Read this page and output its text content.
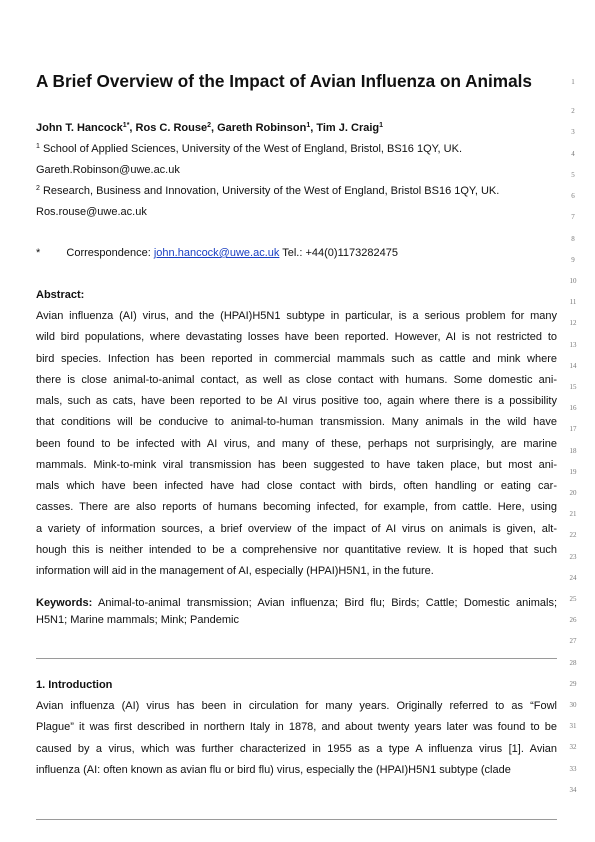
1
2
3
4
5
6
7
8
9
10
11
12
13
14
15
16
17
18
19
20
21
22
23
24
25
26
27
28
29
30
31
32
33
34
A Brief Overview of the Impact of Avian Influenza on Animals
John T. Hancock$^{1*}$, Ros C. Rouse$^2$, Gareth Robinson$^1$, Tim J. Craig$^1$
$^1$ School of Applied Sciences, University of the West of England, Bristol, BS16 1QY, UK.
Gareth.Robinson@uwe.ac.uk
$^2$ Research, Business and Innovation, University of the West of England, Bristol BS16 1QY, UK.
Ros.rouse@uwe.ac.uk
* Correspondence: john.hancock@uwe.ac.uk Tel.: +44(0)1173282475
Abstract:
Avian influenza (AI) virus, and the (HPAI)H5N1 subtype in particular, is a serious problem for many
wild bird populations, where devastating losses have been reported. However, AI is not restricted to
bird species. Infection has been reported in commercial mammals such as cattle and mink where
there is close animal-to-animal contact, as well as close contact with humans. Some domestic ani-
mals, such as cats, have been reported to be AI virus positive too, again where there is a possibility
that conditions will be conducive to animal-to-human transmission. Many animals in the wild have
been found to be infected with AI virus, and many of these, perhaps not surprisingly, are marine
mammals. Mink-to-mink viral transmission has been suggested to have taken place, but most ani-
mals which have been infected have had close contact with birds, often handling or eating car-
casses. There are also reports of humans becoming infected, for example, from cattle. Here, using
a variety of information sources, a brief overview of the impact of AI virus on animals is given, alt-
hough this is neither intended to be a comprehensive nor quantitative review. It is hoped that such
information will aid in the management of AI, especially (HPAI)H5N1, in the future.
Keywords: Animal-to-animal transmission; Avian influenza; Bird flu; Birds; Cattle; Domestic animals;
H5N1; Marine mammals; Mink; Pandemic
1. Introduction
Avian influenza (AI) virus has been in circulation for many years. Originally referred to as “Fowl
Plague” it was first described in northern Italy in 1878, and about twenty years later was found to be
caused by a virus, which was further characterized in 1955 as a type A influenza virus [1]. Avian
influenza (AI: often known as avian flu or bird flu) virus, especially the (HPAI)H5N1 subtype (clade
